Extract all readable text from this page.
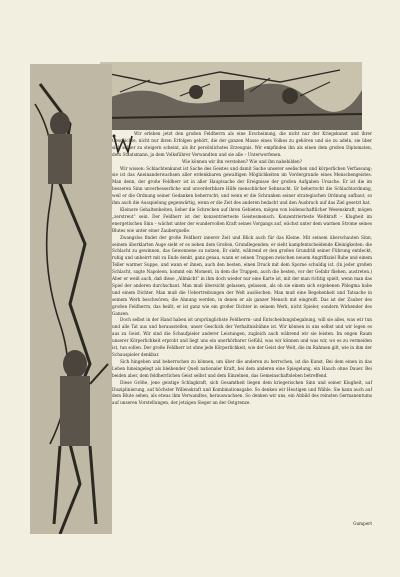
Wir erleben jetzt den großen Feldherrn als eine Erscheinung, die nicht nur der Kriegskunst und ihrer Geschichte, nicht nur ihren Erfolgen gehört, die der ganzen Masse eines Volkes zu gehören und sie zu adeln, sie über sich selber zu steigern scheint, als ihr persönlichstes Erzeugnis. Wir empfinden ihn als einen dem großen Diplomaten, dem Staatsmann, ja dem Volksführer Verwandten und sie alle – Unterworfenen.

Wie können wir ihn verstehen? Wie und ihn nahebilden?

Wir wissen: Schlachtenkunst ist Sache des Geistes und damit Sache unserer seelischen und körperlichen Verfassung; sie ist das Aneinanderwachsen aller erdenkbaren gewaltigen Möglichkeiten im Vordergrunde eines Menschengeistes. Man denn, der große Feldherr ist in aller Hauptsache der Ereignisse der großen Aufgaben Ursache. Er ist die im besseren Sinn unverbesserliche und unverderbbare Hilfe menschlicher Sehnsucht. Er beherrscht die Schlachtordnung, weil er die Ordnung seiner Gedanken beherrscht; und wenn er die Schranken seiner strategischen Ordnung aufbaut, so ihm auch die Ausspielung gegenwärtig, wenn er die Zeit des anderen bedacht und den Ausbruch auf das Ziel gesetzt hat.

Kleinere Gehaltenheiten, lieber die Schrecken auf ihren Gebieten, mögen von leidenschaftlicher Wesenskraft, mögen „zerstreut“ sein. Der Feldherr ist der konzentrierteste Geistesmensch. Konzentrierteste Weltkraft – Klugheit im energetischen Sinn – wächst unter der wundervollen Kraft seines Vorgangs auf, wächst unter dem warmen Strome seines Blutes wie unter einer Zauberquelle.

Zwangslos findet der große Feldherr innerer Zeit und Blick auch für das Kleine. Mit seinem überschauten Sinn, seinem überklarten Auge sieht er es neben dem Großen, Grundlegenden; er sieht kampfentscheidende Kleinigkeiten: die Schlacht zu gewinnen, das Gewonnene zu nutzen, Er sieht, während er den großen Grundriß seiner Führung entdeckt, ruhig und unbeirrt mit zu Ende denkt, ganz genau, wann er seinen Truppen zwischen neuem Angriffsziel Ruhe und einem Teller warmer Suppe, und wann er ihnen, auch den besten, einen Druck mit dem Sporne schuldig ist. (In jeder großen Schlacht, sagte Napoleon, kommt ein Moment, in dem die Truppen, auch die besten, vor der Gefahr fliehen, austreten.) Aber er weiß auch, daß diese „Allmächt“ in ihm doch wieder nur eine Karte ist, mit der man richtig spielt, wenn man das Spiel der anderen durchschaut. Man muß übersicht gelassen, gelassen, als ob sie einem sich ergebenen Phlegma habe und einem Dichter. Man muß die Uebertreibungen der Welt auslöschen. Man muß eine Begebenheit und Tatsache in seinem Werk beschwören; die Ahnung werden, in denen er als ganzer Mensch mit eingreift. Das ist der Zauber des großen Feldherrn, das heißt, er ist ganz wie ein großer Dichter in seinem Werk, nicht Spieler, sondern Wirkender des Ganzen.

Doch selbst in der Hand haben ist ursprünglichste Feldherrn- und Entscheidungsbegabung, will sie alles, was wir tun und alle Tat aus und herausstellen, unser Geschick der Verhaltnisbühne ist. Wir können in uns selbst und wir legen es aus zu Geist. Wir sind die Schaufpieler anderer Leistungen, zugleich auch während wir sie leisten. Im engen Raum unserer Körperlichkeit erprobt und liegt uns ein unerhörbarer Gefühl, was wir können und was wir, wo es zu vermeiden ist, tun sollen. Der große Feldherr ist ohne jede Körperlichkeit, wie der Geist der Welt, die im Rahmen gilt, wie in ihm der Schauspieler denkbar.

Sich hingeben und beherrschen zu können, um über die anderen zu herrschen, ist die Kunst. Bei dem einen in das Leben hineingelegt als bleibender Quell nationaler Kraft, bei dem anderen eine Spiegelung, ein Hauch ohne Dauer. Bei beiden aber, dem feldherrlichen Geist selbst und dem Einzelnen, das Gemeinschaftsleben betreffend.

Diese Größe, jene geistige Schlagkraft, sich Gesamtheit liegen dem kriegerischen Sinn und seiner Klugheit, auf Disziplinierung, auf höchster Willenskraft und Kombinationsgabe. So denken wir Heutigen und Wähle. Sie kann auch auf dem Blute sehen, als etwas ihm Verwandtes, herauswachsen. So denken wir uns, ein Abbild des reinsten Germanentums auf unseren Vorstellungen, der jetzigen Sieger an der Ostgrenze.

Gumpert
